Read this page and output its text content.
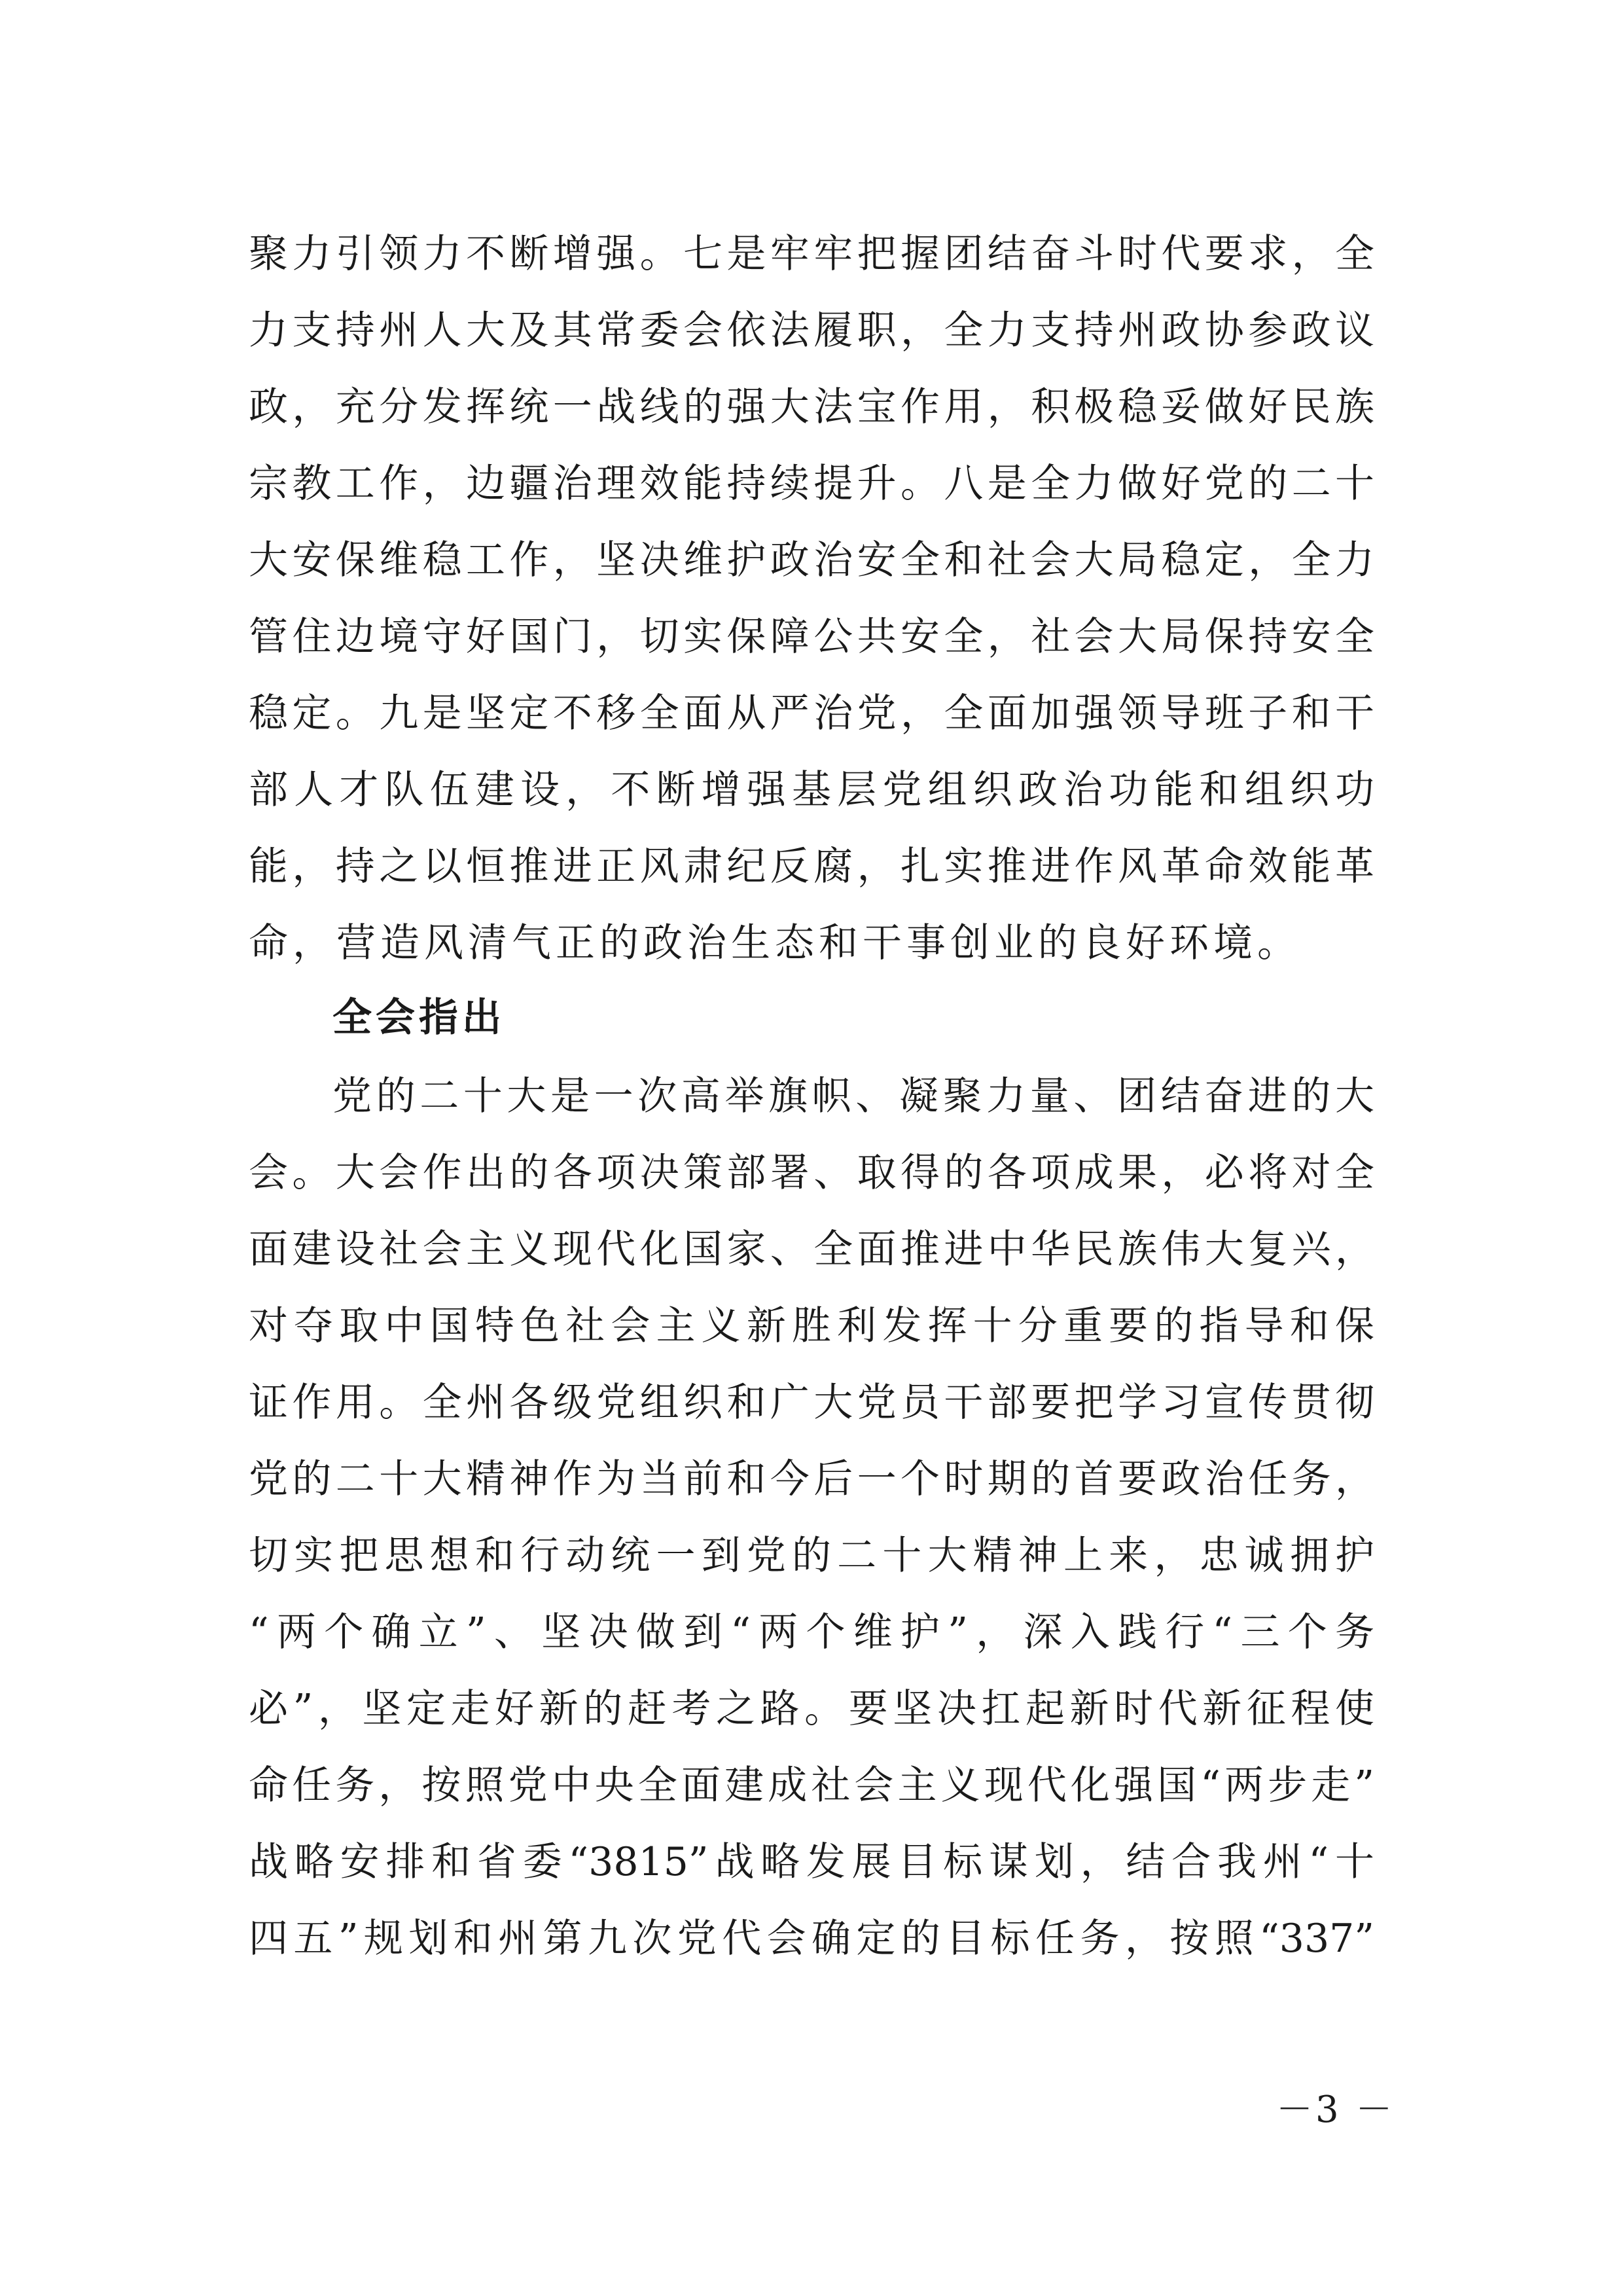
聚力引领力不断增强。七是牢牢把握团结奋斗时代要求，全

力支持州人大及其常委会依法履职，全力支持州政协参政议

政，充分发挥统一战线的强大法宝作用，积极稳妥做好民族

宗教工作，边疆治理效能持续提升。八是全力做好党的二十

大安保维稳工作，坚决维护政治安全和社会大局稳定，全力

管住边境守好国门，切实保障公共安全，社会大局保持安全

稳定。九是坚定不移全面从严治党，全面加强领导班子和干

部人才队伍建设，不断增强基层党组织政治功能和组织功

能，持之以恒推进正风肃纪反腐，扎实推进作风革命效能革

命，营造风清气正的政治生态和干事创业的良好环境。

全会指出

党的二十大是一次高举旗帜、凝聚力量、团结奋进的大

会。大会作出的各项决策部署、取得的各项成果，必将对全

面建设社会主义现代化国家、全面推进中华民族伟大复兴，

对夺取中国特色社会主义新胜利发挥十分重要的指导和保

证作用。全州各级党组织和广大党员干部要把学习宣传贯彻

党的二十大精神作为当前和今后一个时期的首要政治任务，

切实把思想和行动统一到党的二十大精神上来，忠诚拥护

“两个确立”、坚决做到“两个维护”，深入践行“三个务

必”，坚定走好新的赶考之路。要坚决扛起新时代新征程使

命任务，按照党中央全面建成社会主义现代化强国“两步走”

战略安排和省委“3815”战略发展目标谋划，结合我州“十

四五”规划和州第九次党代会确定的目标任务，按照“337”

－3 －
